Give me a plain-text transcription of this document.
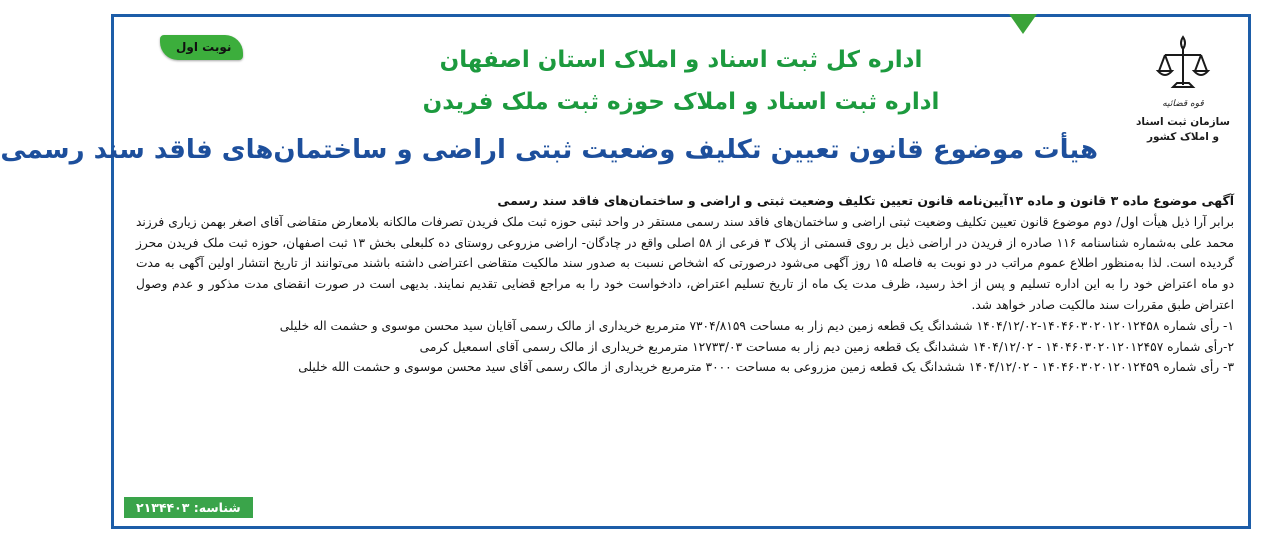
قوه قضائیه
سازمان ثبت اسناد
و املاک کشور
اداره کل ثبت اسناد و املاک استان اصفهان
اداره ثبت اسناد و املاک حوزه ثبت ملک فریدن
هیأت موضوع قانون تعیین تکلیف وضعیت ثبتی اراضی و ساختمان‌های فاقد سند رسمی
نوبت اول
آگهی موضوع ماده ۳ قانون و ماده ۱۳آیین‌نامه قانون تعیین تکلیف وضعیت ثبتی و اراضی و ساختمان‌های فاقد سند رسمی

برابر آرا ذیل هیأت اول/ دوم موضوع قانون تعیین تکلیف وضعیت ثبتی اراضی و ساختمان‌های فاقد سند رسمی مستقر در واحد ثبتی حوزه ثبت ملک فریدن تصرفات مالکانه بلامعارض متقاضی آقای اصغر بهمن زیاری فرزند محمد علی به‌شماره شناسنامه ۱۱۶ صادره از فریدن در اراضی ذیل بر روی قسمتی از پلاک ۳ فرعی از ۵۸ اصلی واقع در چادگان- اراضی مزروعی روستای ده کلبعلی بخش ۱۳ ثبت اصفهان، حوزه ثبت ملک فریدن محرز گردیده است. لذا به‌منظور اطلاع عموم مراتب در دو نوبت به فاصله ۱۵ روز آگهی می‌شود درصورتی که اشخاص نسبت به صدور سند مالکیت متقاضی اعتراضی داشته باشند می‌توانند از تاریخ انتشار اولین آگهی به مدت دو ماه اعتراض خود را به این اداره تسلیم و پس از اخذ رسید، ظرف مدت یک ماه از تاریخ تسلیم اعتراض، دادخواست خود را به مراجع قضایی تقدیم نمایند. بدیهی است در صورت انقضای مدت مذکور و عدم وصول اعتراض طبق مقررات سند مالکیت صادر خواهد شد.

۱- رأی شماره ۱۴۰۴۶۰۳۰۲۰۱۲۰۱۲۴۵۸-۱۴۰۴/۱۲/۰۲ ششدانگ یک قطعه زمین دیم زار به مساحت ۷۳۰۴/۸۱۵۹ مترمربع خریداری از مالک رسمی آقایان سید محسن موسوی و حشمت اله خلیلی

۲-رأی شماره ۱۴۰۴۶۰۳۰۲۰۱۲۰۱۲۴۵۷ - ۱۴۰۴/۱۲/۰۲ ششدانگ یک قطعه زمین دیم زار به مساحت ۱۲۷۳۳/۰۳ مترمربع خریداری از مالک رسمی آقای اسمعیل کرمی

۳- رأی شماره ۱۴۰۴۶۰۳۰۲۰۱۲۰۱۲۴۵۹ - ۱۴۰۴/۱۲/۰۲ ششدانگ یک قطعه زمین مزروعی به مساحت ۳۰۰۰ مترمربع خریداری از مالک رسمی آقای سید محسن موسوی و حشمت الله خلیلی

شناسه: ۲۱۳۴۴۰۳
